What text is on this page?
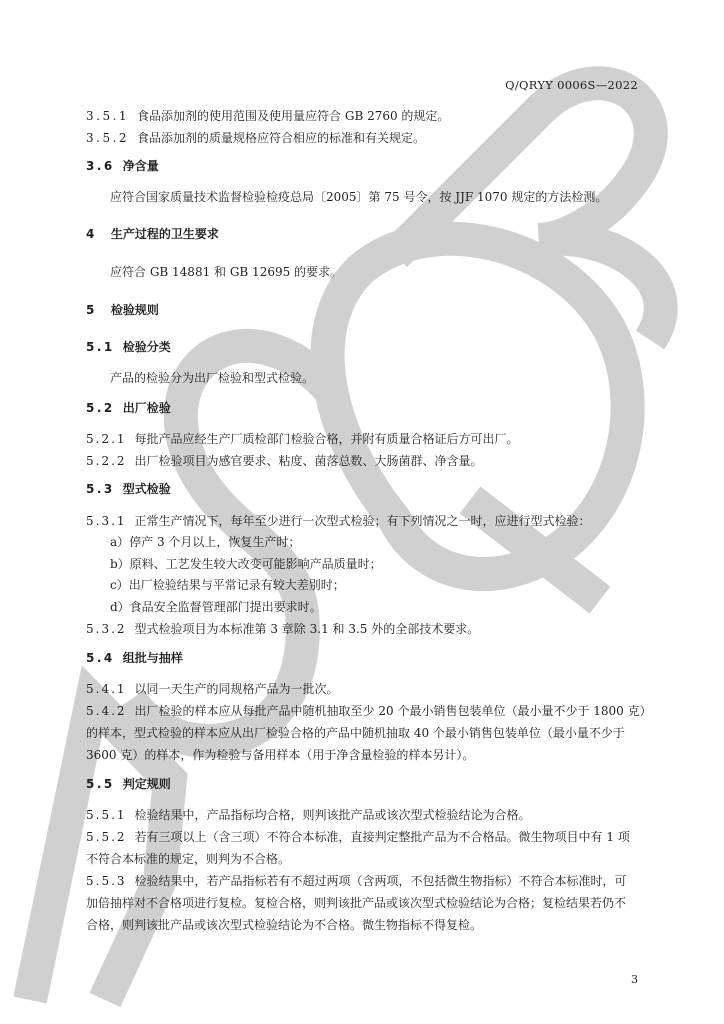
Q/QRYY 0006S—2022
3.5.1 食品添加剂的使用范围及使用量应符合 GB 2760 的规定。
3.5.2 食品添加剂的质量规格应符合相应的标准和有关规定。
3.6 净含量
应符合国家质量技术监督检验检疫总局〔2005〕第 75 号令，按 JJF 1070 规定的方法检测。
4 生产过程的卫生要求
应符合 GB 14881 和 GB 12695 的要求。
5 检验规则
5.1 检验分类
产品的检验分为出厂检验和型式检验。
5.2 出厂检验
5.2.1 每批产品应经生产厂质检部门检验合格，并附有质量合格证后方可出厂。
5.2.2 出厂检验项目为感官要求、粘度、菌落总数、大肠菌群、净含量。
5.3 型式检验
5.3.1 正常生产情况下，每年至少进行一次型式检验；有下列情况之一时，应进行型式检验：
a）停产 3 个月以上，恢复生产时；
b）原料、工艺发生较大改变可能影响产品质量时；
c）出厂检验结果与平常记录有较大差别时；
d）食品安全监督管理部门提出要求时。
5.3.2 型式检验项目为本标准第 3 章除 3.1 和 3.5 外的全部技术要求。
5.4 组批与抽样
5.4.1 以同一天生产的同规格产品为一批次。
5.4.2 出厂检验的样本应从每批产品中随机抽取至少 20 个最小销售包装单位（最小量不少于 1800 克）
的样本，型式检验的样本应从出厂检验合格的产品中随机抽取 40 个最小销售包装单位（最小量不少于
3600 克）的样本，作为检验与备用样本（用于净含量检验的样本另计）。
5.5 判定规则
5.5.1 检验结果中，产品指标均合格，则判该批产品或该次型式检验结论为合格。
5.5.2 若有三项以上（含三项）不符合本标准，直接判定整批产品为不合格品。微生物项目中有 1 项
不符合本标准的规定，则判为不合格。
5.5.3 检验结果中，若产品指标若有不超过两项（含两项，不包括微生物指标）不符合本标准时，可
加倍抽样对不合格项进行复检。复检合格，则判该批产品或该次型式检验结论为合格；复检结果若仍不
合格，则判该批产品或该次型式检验结论为不合格。微生物指标不得复检。
3
